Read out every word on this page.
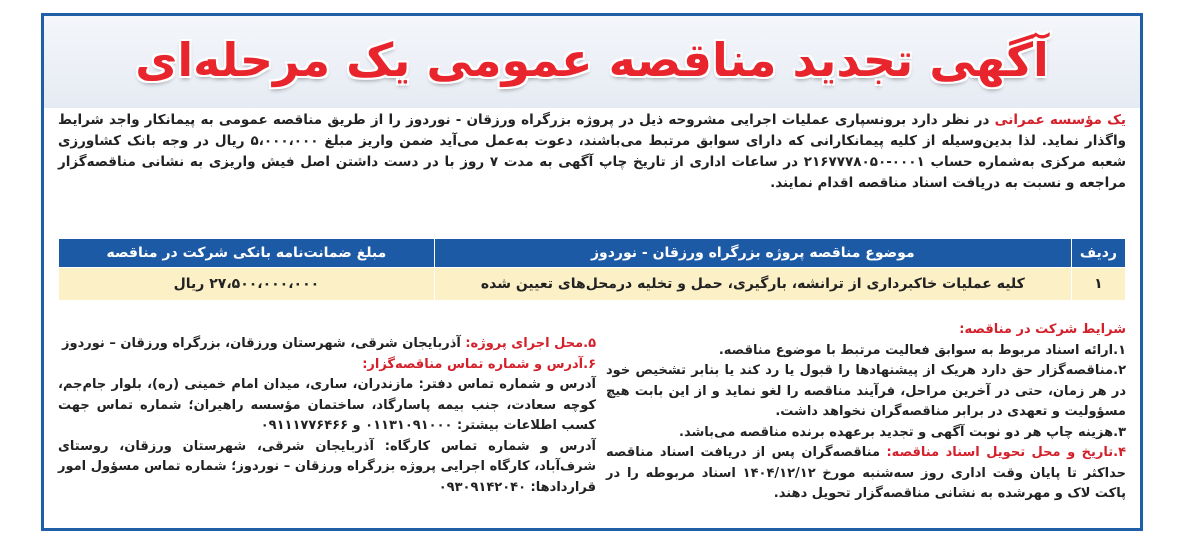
آگهی تجدید مناقصه عمومی یک مرحله‌ای
یک مؤسسه عمرانی در نظر دارد برونسپاری عملیات اجرایی مشروحه ذیل در پروژه بزرگراه ورزقان - نوردوز را از طریق مناقصه عمومی به پیمانکار واجد شرایط واگذار نماید. لذا بدین‌وسیله از کلیه پیمانکارانی که دارای سوابق مرتبط می‌باشند، دعوت به‌عمل می‌آید ضمن واریز مبلغ ۵،۰۰۰،۰۰۰ ریال در وجه بانک کشاورزی شعبه مرکزی به‌شماره حساب ۰۰۰۱-۲۱۶۷۷۷۸۰۵۰ در ساعات اداری از تاریخ چاپ آگهی به مدت ۷ روز با در دست داشتن اصل فیش واریزی به نشانی مناقصه‌گزار مراجعه و نسبت به دریافت اسناد مناقصه اقدام نمایند.
ردیف	موضوع مناقصه پروژه بزرگراه ورزقان - نوردوز	مبلغ ضمانت‌نامه بانکی شرکت در مناقصه
۱	کلیه عملیات خاکبرداری از ترانشه، بارگیری، حمل و تخلیه درمحل‌های تعیین شده	۲۷،۵۰۰،۰۰۰،۰۰۰ ریال
شرایط شرکت در مناقصه:
۱.ارائه اسناد مربوط به سوابق فعالیت مرتبط با موضوع مناقصه.
۲.مناقصه‌گزار حق دارد هریک از پیشنهادها را قبول یا رد کند یا بنابر تشخیص خود در هر زمان، حتی در آخرین مراحل، فرآیند مناقصه را لغو نماید و از این بابت هیچ مسؤولیت و تعهدی در برابر مناقصه‌گران نخواهد داشت.
۳.هزینه چاپ هر دو نوبت آگهی و تجدید برعهده برنده مناقصه می‌باشد.
۴.تاریخ و محل تحویل اسناد مناقصه: مناقصه‌گران پس از دریافت اسناد مناقصه حداکثر تا پایان وقت اداری روز سه‌شنبه مورخ ۱۴۰۴/۱۲/۱۲ اسناد مربوطه را در پاکت لاک و مهرشده به نشانی مناقصه‌گزار تحویل دهند.
۵.محل اجرای پروژه: آذربایجان شرقی، شهرستان ورزقان، بزرگراه ورزقان – نوردوز
۶.آدرس و شماره تماس مناقصه‌گزار:
آدرس و شماره تماس دفتر: مازندران، ساری، میدان امام خمینی (ره)، بلوار جام‌جم، کوچه سعادت، جنب بیمه پاسارگاد، ساختمان مؤسسه راهیران؛ شماره تماس جهت کسب اطلاعات بیشتر: ۰۱۱۳۱۰۹۱۰۰۰ و ۰۹۱۱۱۷۷۶۴۶۶
آدرس و شماره تماس کارگاه: آذربایجان شرقی، شهرستان ورزقان، روستای شرف‌آباد، کارگاه اجرایی پروژه بزرگراه ورزقان – نوردوز؛ شماره تماس مسؤول امور قراردادها: ۰۹۳۰۹۱۴۲۰۴۰
